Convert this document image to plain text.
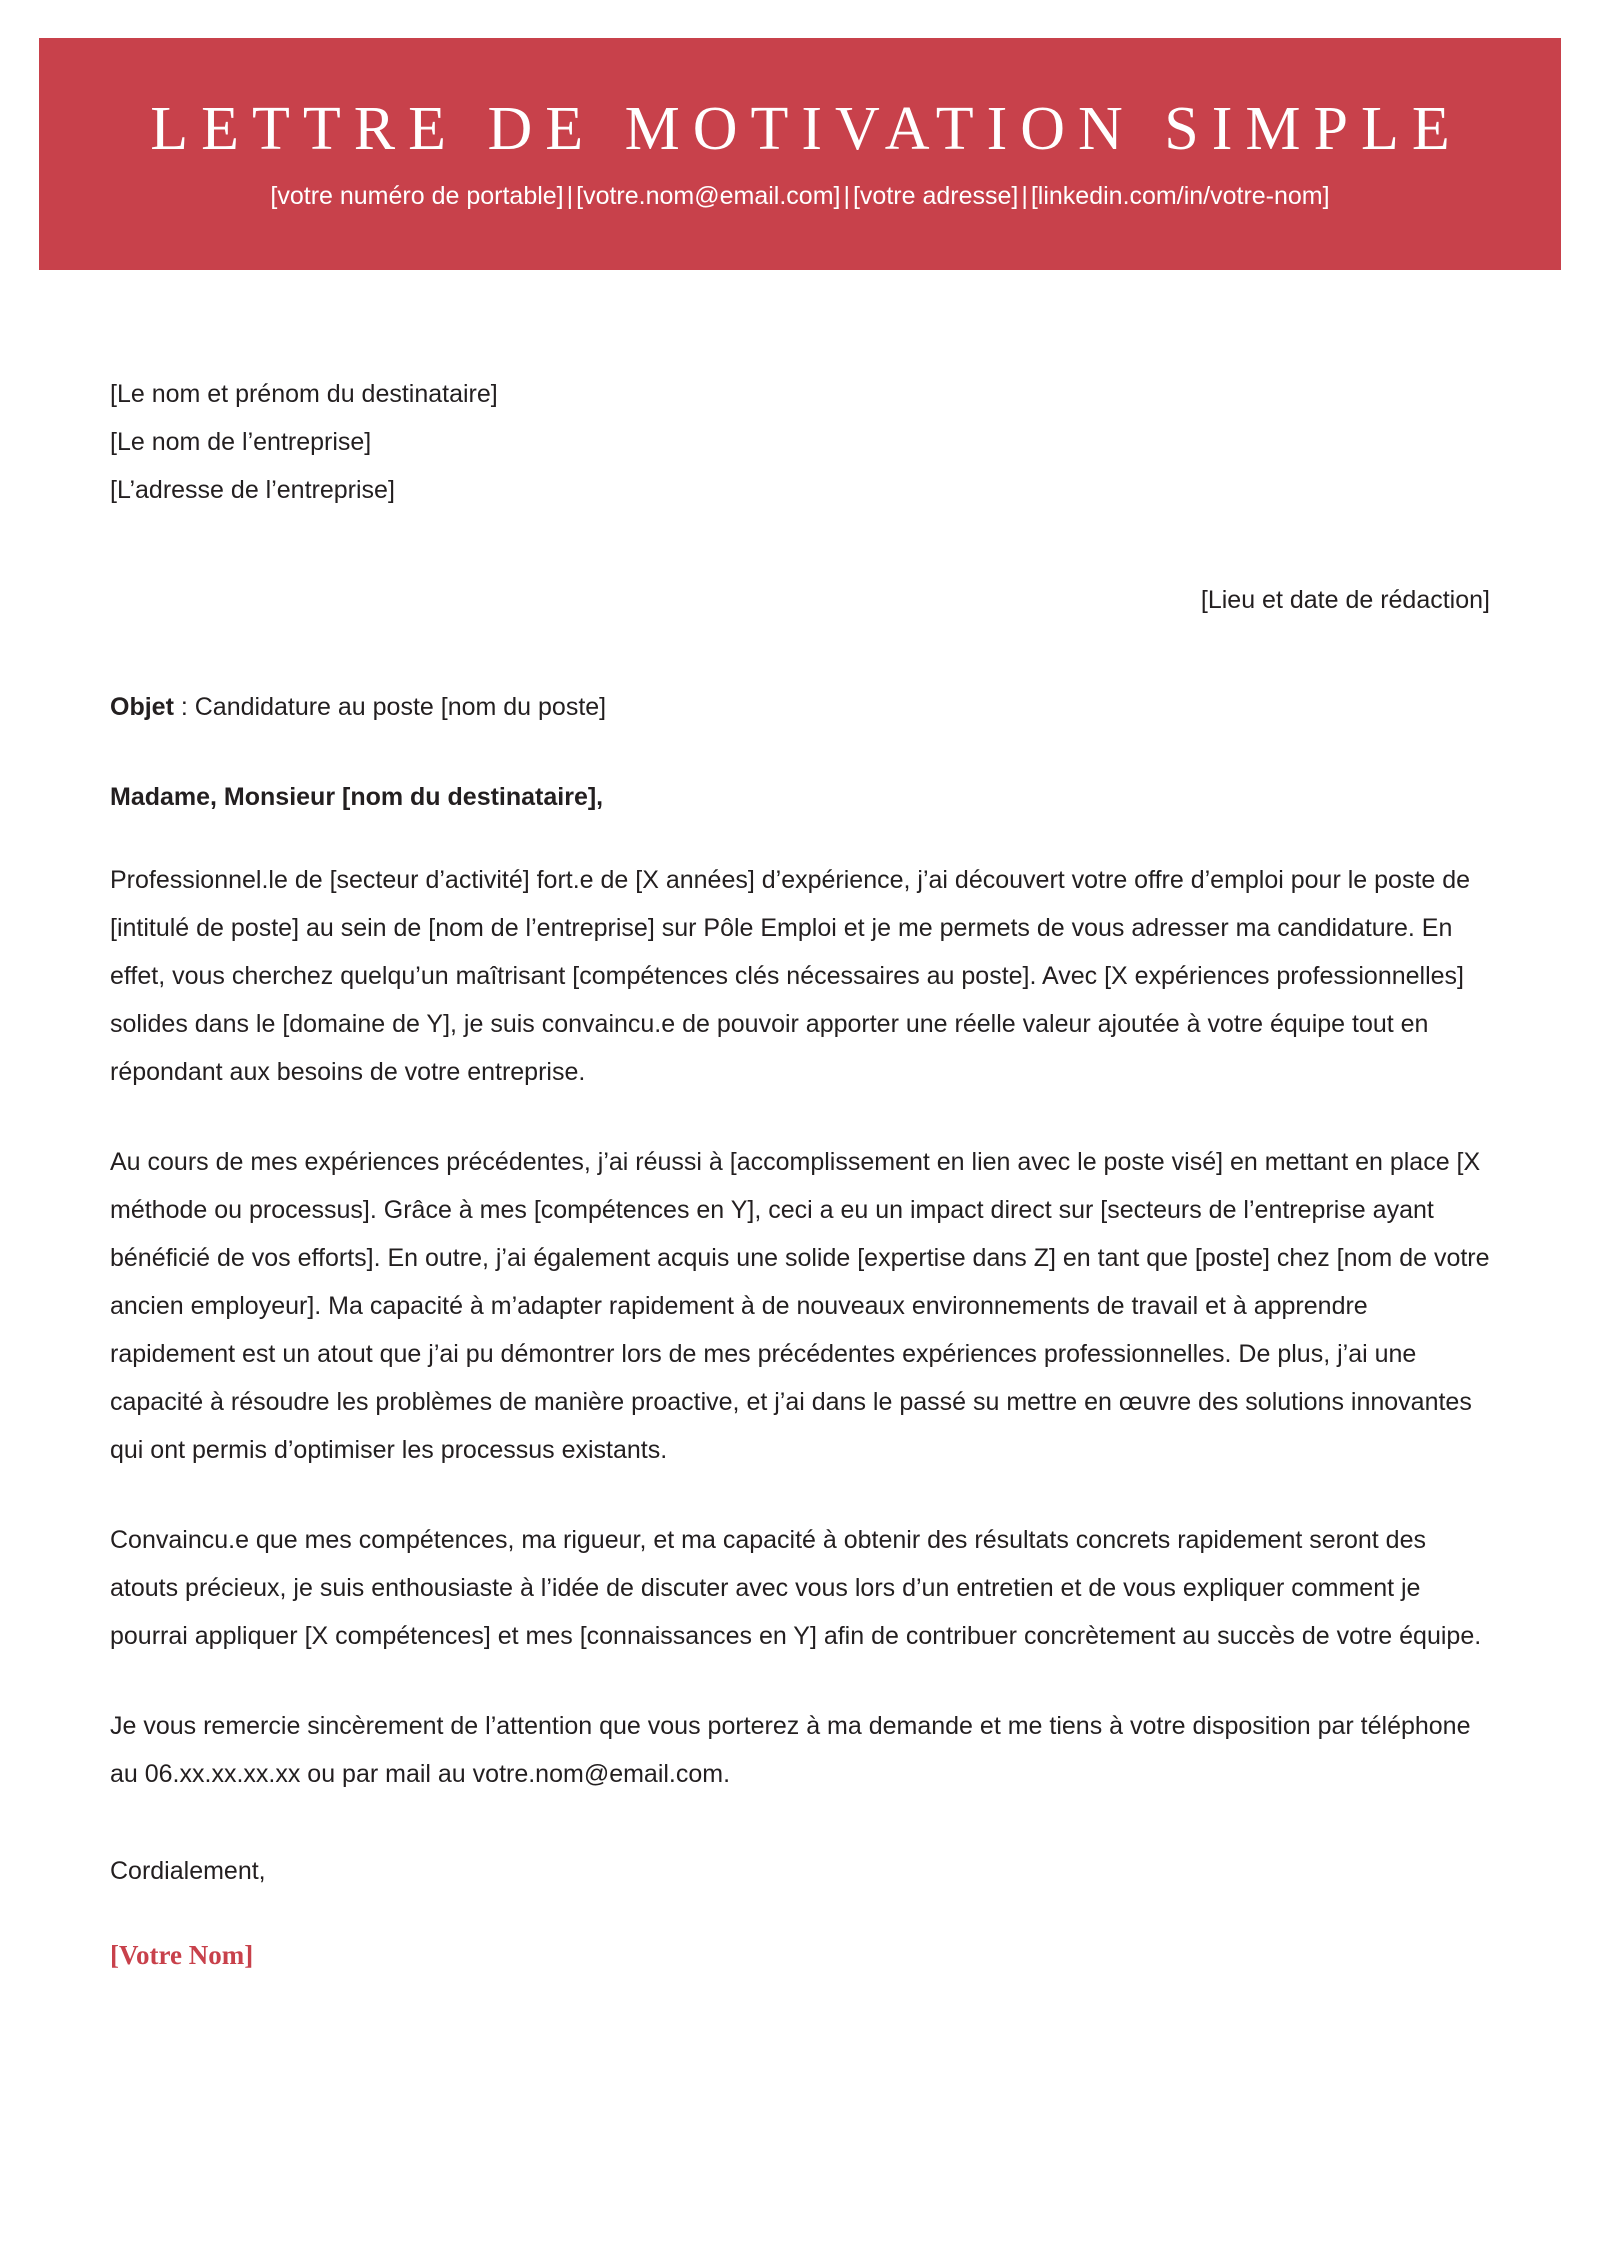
LETTRE DE MOTIVATION SIMPLE
[votre numéro de portable] | [votre.nom@email.com] | [votre adresse] | [linkedin.com/in/votre-nom]
[Le nom et prénom du destinataire]
[Le nom de l’entreprise]
[L’adresse de l’entreprise]
[Lieu et date de rédaction]
Objet : Candidature au poste [nom du poste]
Madame, Monsieur [nom du destinataire],
Professionnel.le de [secteur d’activité] fort.e de [X années] d’expérience, j’ai découvert votre offre d’emploi pour le poste de [intitulé de poste] au sein de [nom de l’entreprise] sur Pôle Emploi et je me permets de vous adresser ma candidature. En effet, vous cherchez quelqu’un maîtrisant [compétences clés nécessaires au poste]. Avec [X expériences professionnelles] solides dans le [domaine de Y], je suis convaincu.e de pouvoir apporter une réelle valeur ajoutée à votre équipe tout en répondant aux besoins de votre entreprise.
Au cours de mes expériences précédentes, j’ai réussi à [accomplissement en lien avec le poste visé] en mettant en place [X méthode ou processus]. Grâce à mes [compétences en Y], ceci a eu un impact direct sur [secteurs de l’entreprise ayant bénéficié de vos efforts]. En outre, j’ai également acquis une solide [expertise dans Z] en tant que [poste] chez [nom de votre ancien employeur]. Ma capacité à m’adapter rapidement à de nouveaux environnements de travail et à apprendre rapidement est un atout que j’ai pu démontrer lors de mes précédentes expériences professionnelles. De plus, j’ai une capacité à résoudre les problèmes de manière proactive, et j’ai dans le passé su mettre en œuvre des solutions innovantes qui ont permis d’optimiser les processus existants.
Convaincu.e que mes compétences, ma rigueur, et ma capacité à obtenir des résultats concrets rapidement seront des atouts précieux, je suis enthousiaste à l’idée de discuter avec vous lors d’un entretien et de vous expliquer comment je pourrai appliquer [X compétences] et mes [connaissances en Y] afin de contribuer concrètement au succès de votre équipe.
Je vous remercie sincèrement de l’attention que vous porterez à ma demande et me tiens à votre disposition par téléphone au 06.xx.xx.xx.xx ou par mail au votre.nom@email.com.
Cordialement,
[Votre Nom]
